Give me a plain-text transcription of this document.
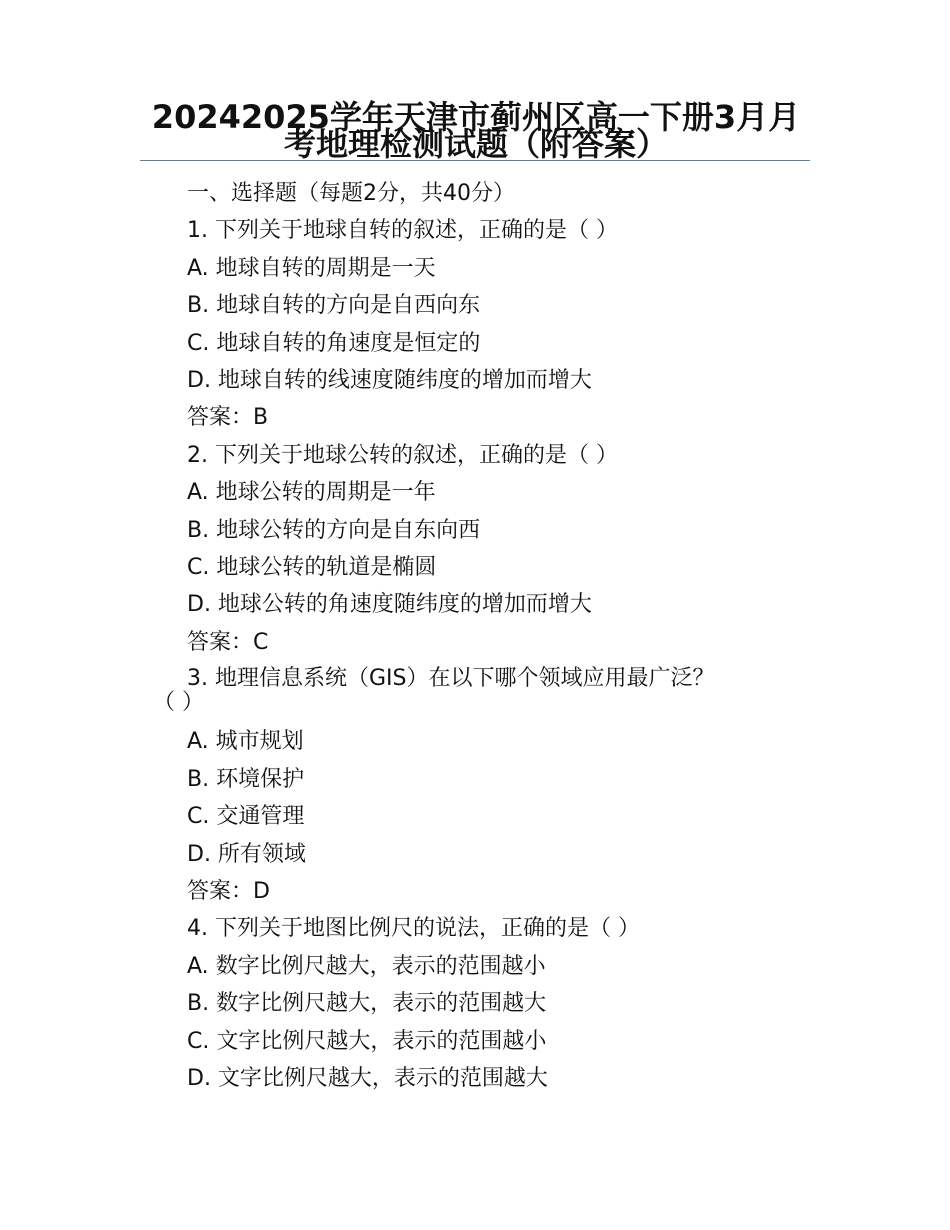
20242025学年天津市蓟州区高一下册3月月考地理检测试题（附答案）
一、选择题（每题2分，共40分）
1. 下列关于地球自转的叙述，正确的是（ ）
A. 地球自转的周期是一天
B. 地球自转的方向是自西向东
C. 地球自转的角速度是恒定的
D. 地球自转的线速度随纬度的增加而增大
答案：B
2. 下列关于地球公转的叙述，正确的是（ ）
A. 地球公转的周期是一年
B. 地球公转的方向是自东向西
C. 地球公转的轨道是椭圆
D. 地球公转的角速度随纬度的增加而增大
答案：C
3. 地理信息系统（GIS）在以下哪个领域应用最广泛？
（ ）
A. 城市规划
B. 环境保护
C. 交通管理
D. 所有领域
答案：D
4. 下列关于地图比例尺的说法，正确的是（ ）
A. 数字比例尺越大，表示的范围越小
B. 数字比例尺越大，表示的范围越大
C. 文字比例尺越大，表示的范围越小
D. 文字比例尺越大，表示的范围越大
